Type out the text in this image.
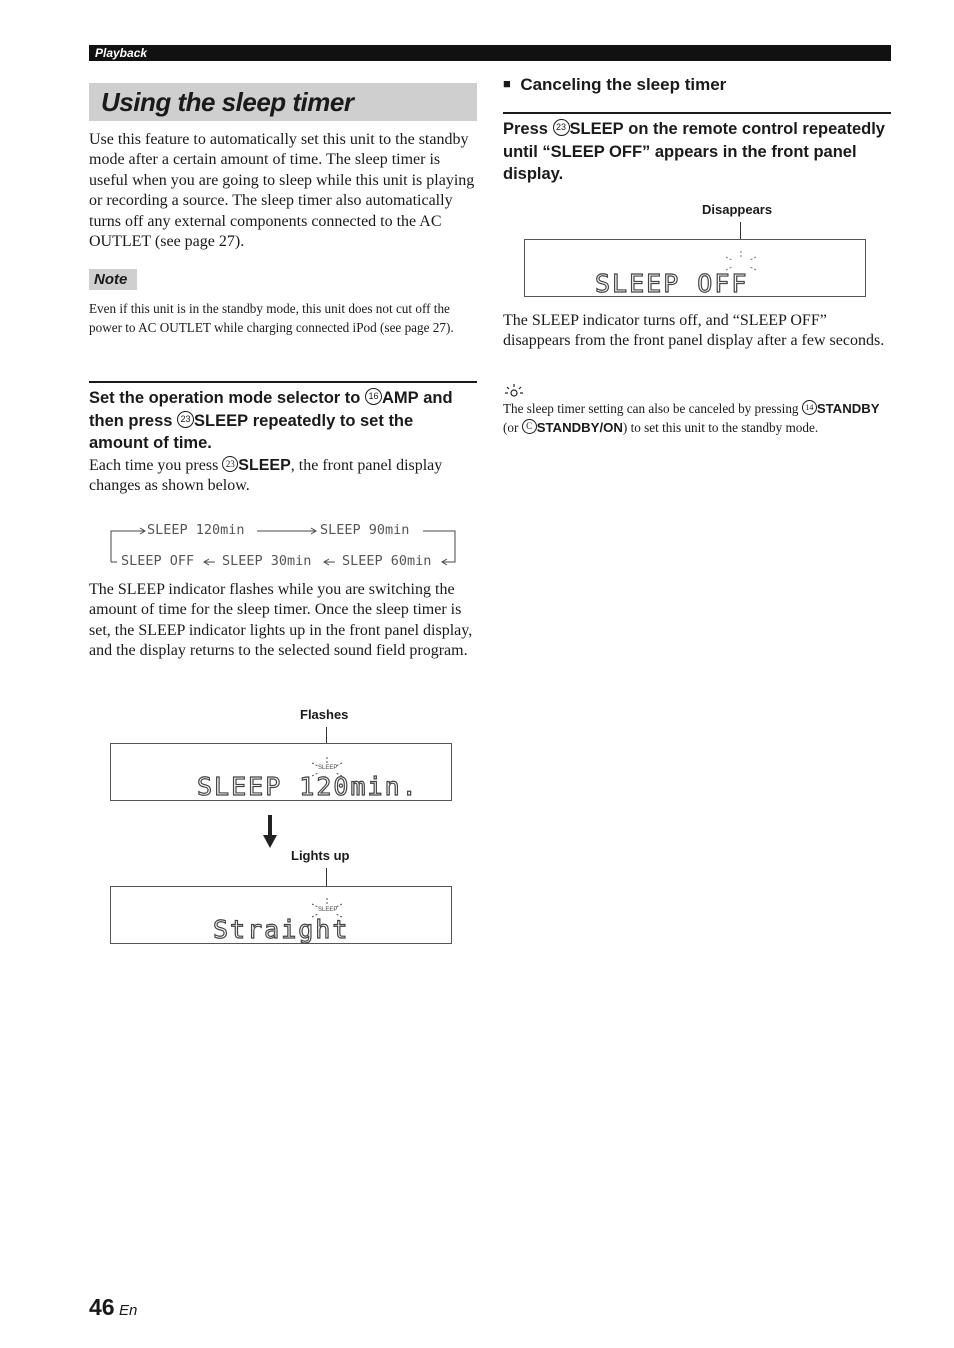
Playback
Using the sleep timer
Use this feature to automatically set this unit to the standby mode after a certain amount of time. The sleep timer is useful when you are going to sleep while this unit is playing or recording a source. The sleep timer also automatically turns off any external components connected to the AC OUTLET (see page 27).
Note
Even if this unit is in the standby mode, this unit does not cut off the power to AC OUTLET while charging connected iPod (see page 27).
Set the operation mode selector to 16 AMP and then press 23 SLEEP repeatedly to set the amount of time.
Each time you press 23 SLEEP, the front panel display changes as shown below.
SLEEP 120min	SLEEP 90min
SLEEP OFF SLEEP 30min SLEEP 60min
The SLEEP indicator flashes while you are switching the amount of time for the sleep timer. Once the sleep timer is set, the SLEEP indicator lights up in the front panel display, and the display returns to the selected sound field program.
Flashes
SLEEP
SLEEP 120min.
Lights up
SLEEP
Straight
■ Canceling the sleep timer
Press 23 SLEEP on the remote control repeatedly until “SLEEP OFF” appears in the front panel display.
Disappears
SLEEP OFF
The SLEEP indicator turns off, and “SLEEP OFF” disappears from the front panel display after a few seconds.
The sleep timer setting can also be canceled by pressing 14 STANDBY (or C STANDBY/ON) to set this unit to the standby mode.
46 En
